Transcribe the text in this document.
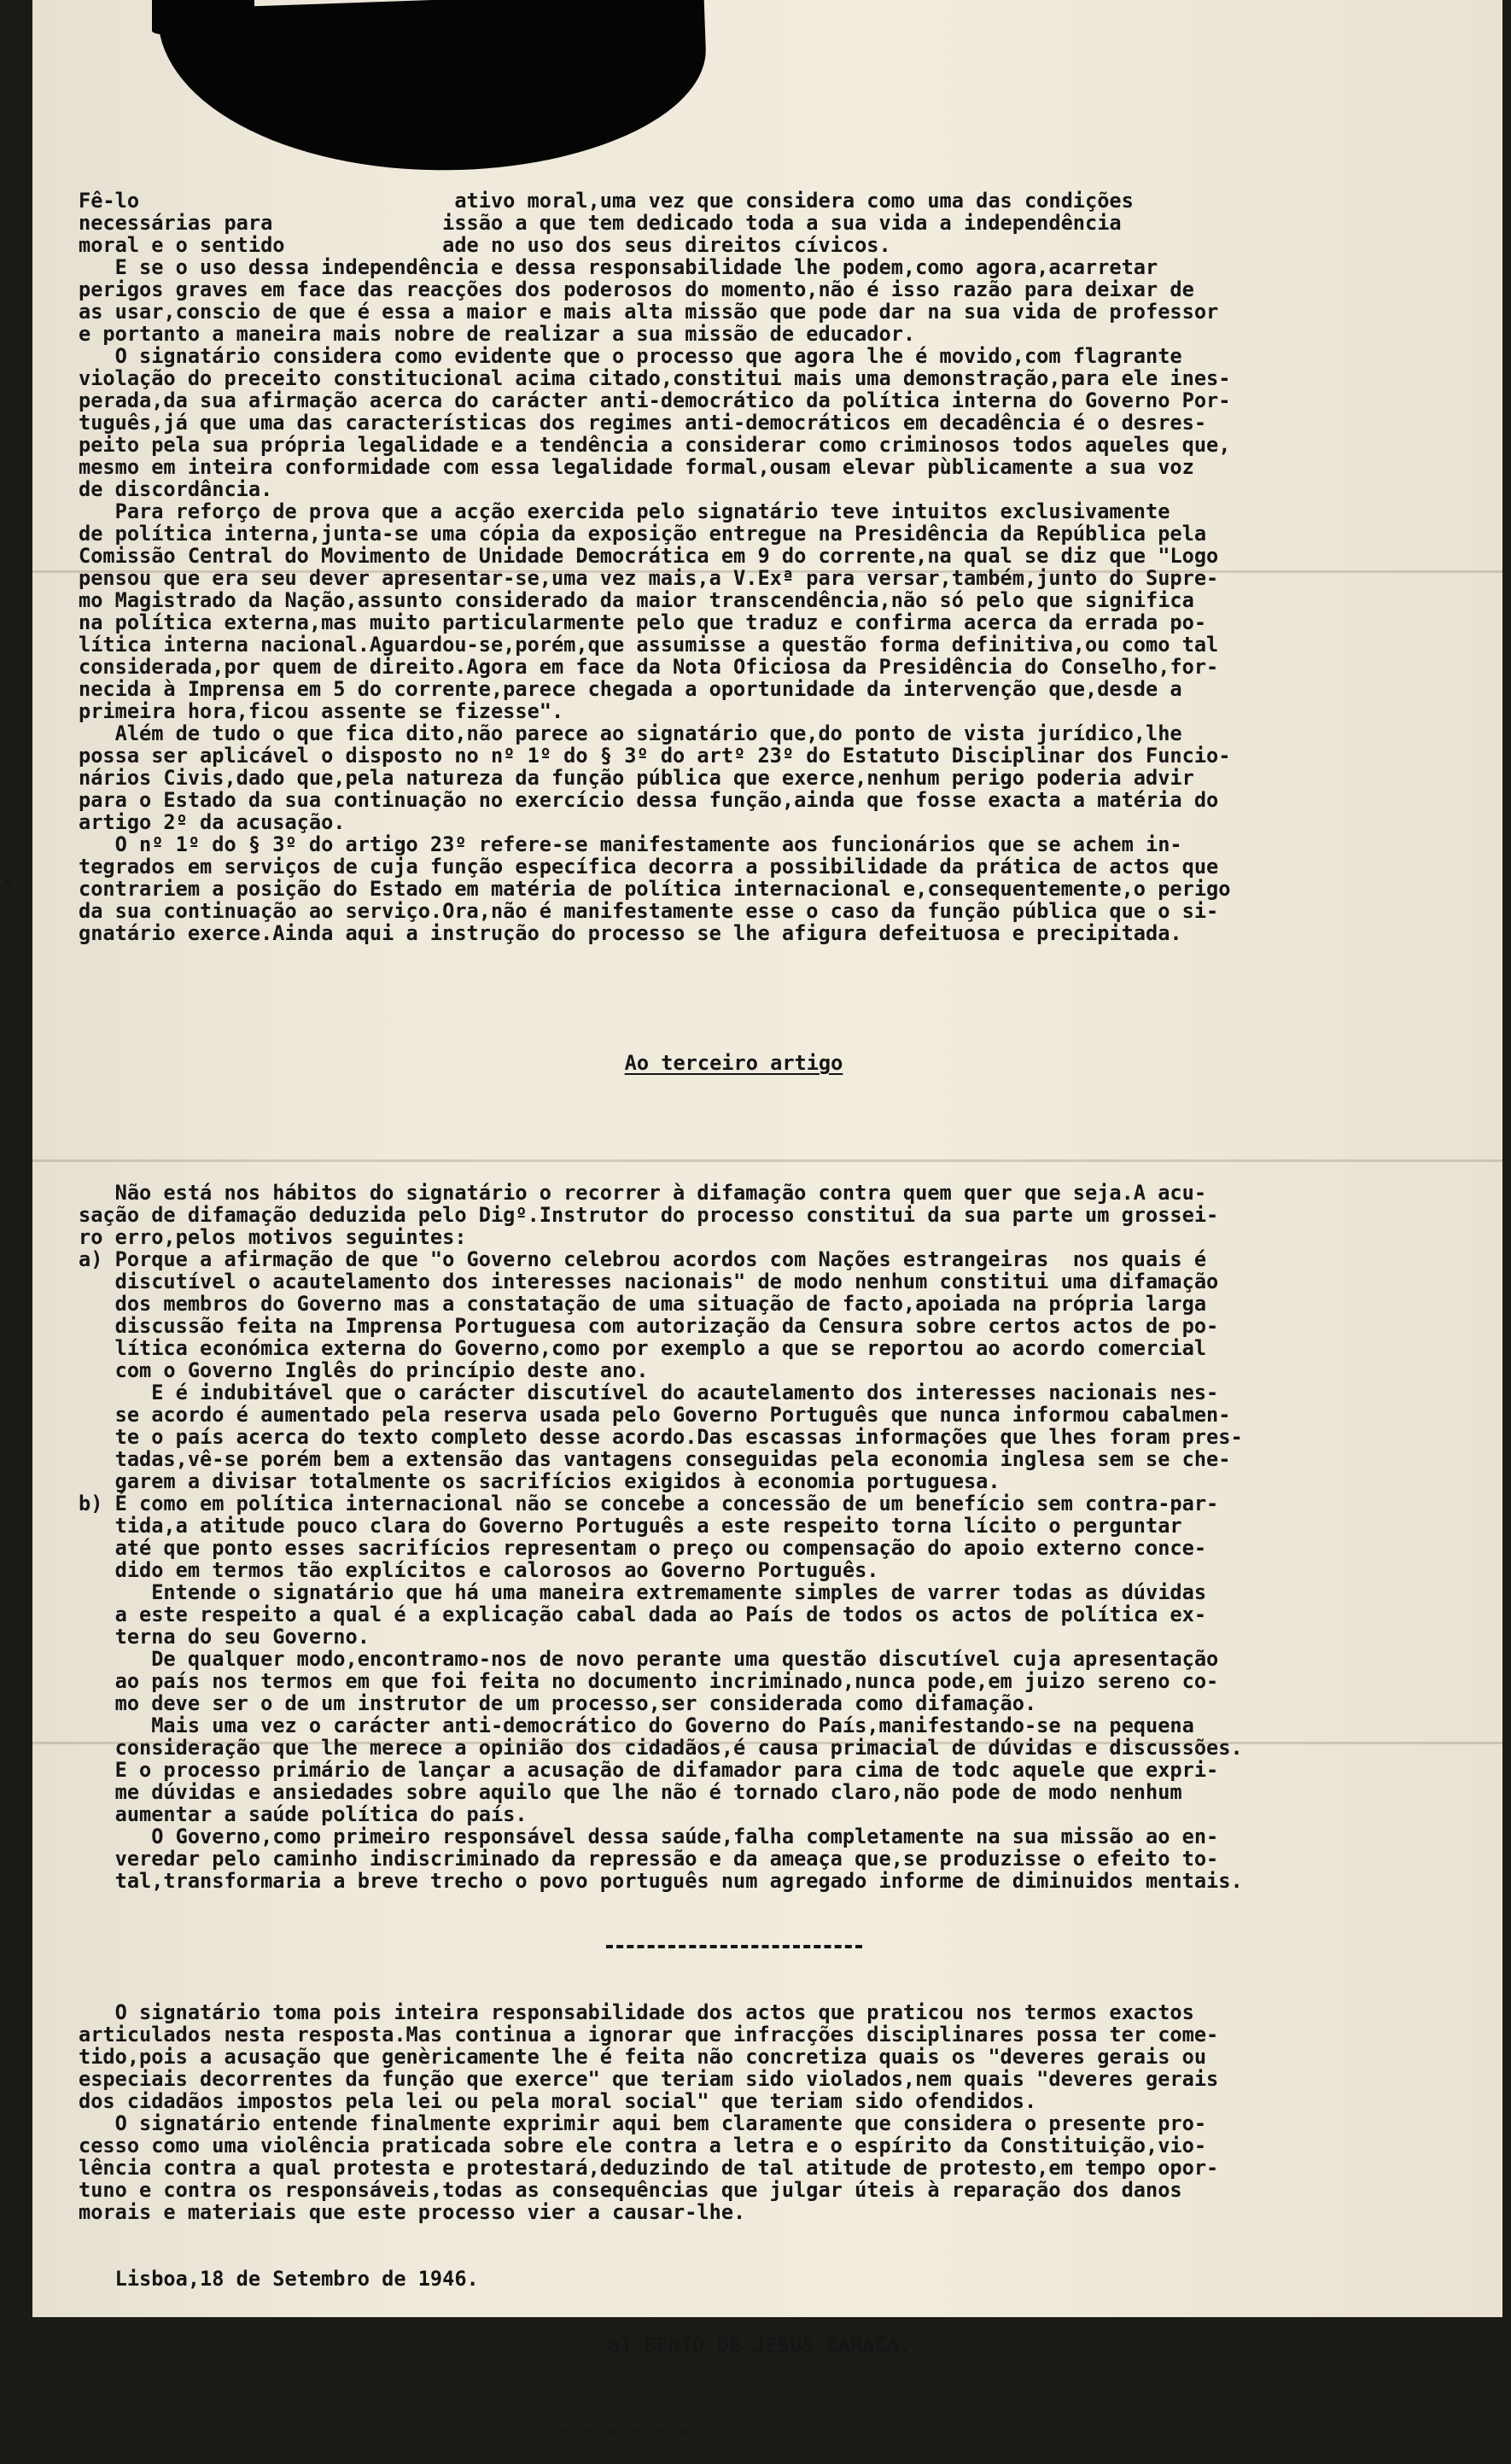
Fê-lo                          ativo moral,uma vez que considera como uma das condições
necessárias para              issão a que tem dedicado toda a sua vida a independência
moral e o sentido             ade no uso dos seus direitos cívicos.
E se o uso dessa independência e dessa responsabilidade lhe podem,como agora,acarretar
perigos graves em face das reacções dos poderosos do momento,não é isso razão para deixar de
as usar,conscio de que é essa a maior e mais alta missão que pode dar na sua vida de professor
e portanto a maneira mais nobre de realizar a sua missão de educador.
O signatário considera como evidente que o processo que agora lhe é movido,com flagrante
violação do preceito constitucional acima citado,constitui mais uma demonstração,para ele ines-
perada,da sua afirmação acerca do carácter anti-democrático da política interna do Governo Por-
tuguês,já que uma das características dos regimes anti-democráticos em decadência é o desres-
peito pela sua própria legalidade e a tendência a considerar como criminosos todos aqueles que,
mesmo em inteira conformidade com essa legalidade formal,ousam elevar pùblicamente a sua voz
de discordância.
Para reforço de prova que a acção exercida pelo signatário teve intuitos exclusivamente
de política interna,junta-se uma cópia da exposição entregue na Presidência da República pela
Comissão Central do Movimento de Unidade Democrática em 9 do corrente,na qual se diz que "Logo
pensou que era seu dever apresentar-se,uma vez mais,a V.Exª para versar,também,junto do Supre-
mo Magistrado da Nação,assunto considerado da maior transcendência,não só pelo que significa
na política externa,mas muito particularmente pelo que traduz e confirma acerca da errada po-
lítica interna nacional.Aguardou-se,porém,que assumisse a questão forma definitiva,ou como tal
considerada,por quem de direito.Agora em face da Nota Oficiosa da Presidência do Conselho,for-
necida à Imprensa em 5 do corrente,parece chegada a oportunidade da intervenção que,desde a
primeira hora,ficou assente se fizesse".
Além de tudo o que fica dito,não parece ao signatário que,do ponto de vista jurídico,lhe
possa ser aplicável o disposto no nº 1º do § 3º do artº 23º do Estatuto Disciplinar dos Funcio-
nários Civis,dado que,pela natureza da função pública que exerce,nenhum perigo poderia advir
para o Estado da sua continuação no exercício dessa função,ainda que fosse exacta a matéria do
artigo 2º da acusação.
O nº 1º do § 3º do artigo 23º refere-se manifestamente aos funcionários que se achem in-
tegrados em serviços de cuja função específica decorra a possibilidade da prática de actos que
contrariem a posição do Estado em matéria de política internacional e,consequentemente,o perigo
da sua continuação ao serviço.Ora,não é manifestamente esse o caso da função pública que o si-
gnatário exerce.Ainda aqui a instrução do processo se lhe afigura defeituosa e precipitada.

Ao terceiro artigo

Não está nos hábitos do signatário o recorrer à difamação contra quem quer que seja.A acu-
sação de difamação deduzida pelo Digº.Instrutor do processo constitui da sua parte um grossei-
ro erro,pelos motivos seguintes:
a) Porque a afirmação de que "o Governo celebrou acordos com Nações estrangeiras  nos quais é
discutível o acautelamento dos interesses nacionais" de modo nenhum constitui uma difamação
dos membros do Governo mas a constatação de uma situação de facto,apoiada na própria larga
discussão feita na Imprensa Portuguesa com autorização da Censura sobre certos actos de po-
lítica económica externa do Governo,como por exemplo a que se reportou ao acordo comercial
com o Governo Inglês do princípio deste ano.
E é indubitável que o carácter discutível do acautelamento dos interesses nacionais nes-
se acordo é aumentado pela reserva usada pelo Governo Português que nunca informou cabalmen-
te o país acerca do texto completo desse acordo.Das escassas informações que lhes foram pres-
tadas,vê-se porém bem a extensão das vantagens conseguidas pela economia inglesa sem se che-
garem a divisar totalmente os sacrifícios exigidos à economia portuguesa.
b) É como em política internacional não se concebe a concessão de um benefício sem contra-par-
tida,a atitude pouco clara do Governo Português a este respeito torna lícito o perguntar
até que ponto esses sacrifícios representam o preço ou compensação do apoio externo conce-
dido em termos tão explícitos e calorosos ao Governo Português.
Entende o signatário que há uma maneira extremamente simples de varrer todas as dúvidas
a este respeito a qual é a explicação cabal dada ao País de todos os actos de política ex-
terna do seu Governo.
De qualquer modo,encontramo-nos de novo perante uma questão discutível cuja apresentação
ao país nos termos em que foi feita no documento incriminado,nunca pode,em juizo sereno co-
mo deve ser o de um instrutor de um processo,ser considerada como difamação.
Mais uma vez o carácter anti-democrático do Governo do País,manifestando-se na pequena
consideração que lhe merece a opinião dos cidadãos,é causa primacial de dúvidas e discussões.
E o processo primário de lançar a acusação de difamador para cima de todc aquele que expri-
me dúvidas e ansiedades sobre aquilo que lhe não é tornado claro,não pode de modo nenhum
aumentar a saúde política do país.
O Governo,como primeiro responsável dessa saúde,falha completamente na sua missão ao en-
veredar pelo caminho indiscriminado da repressão e da ameaça que,se produzisse o efeito to-
tal,transformaria a breve trecho o povo português num agregado informe de diminuidos mentais.

O signatário toma pois inteira responsabilidade dos actos que praticou nos termos exactos
articulados nesta resposta.Mas continua a ignorar que infracções disciplinares possa ter come-
tido,pois a acusação que genèricamente lhe é feita não concretiza quais os "deveres gerais ou
especiais decorrentes da função que exerce" que teriam sido violados,nem quais "deveres gerais
dos cidadãos impostos pela lei ou pela moral social" que teriam sido ofendidos.
O signatário entende finalmente exprimir aqui bem claramente que considera o presente pro-
cesso como uma violência praticada sobre ele contra a letra e o espírito da Constituição,vio-
lência contra a qual protesta e protestará,deduzindo de tal atitude de protesto,em tempo opor-
tuno e contra os responsáveis,todas as consequências que julgar úteis à reparação dos danos
morais e materiais que este processo vier a causar-lhe.

Lisboa,18 de Setembro de 1946.

a) BENTO DE JESUS CARAÇA.

- - - - - -
